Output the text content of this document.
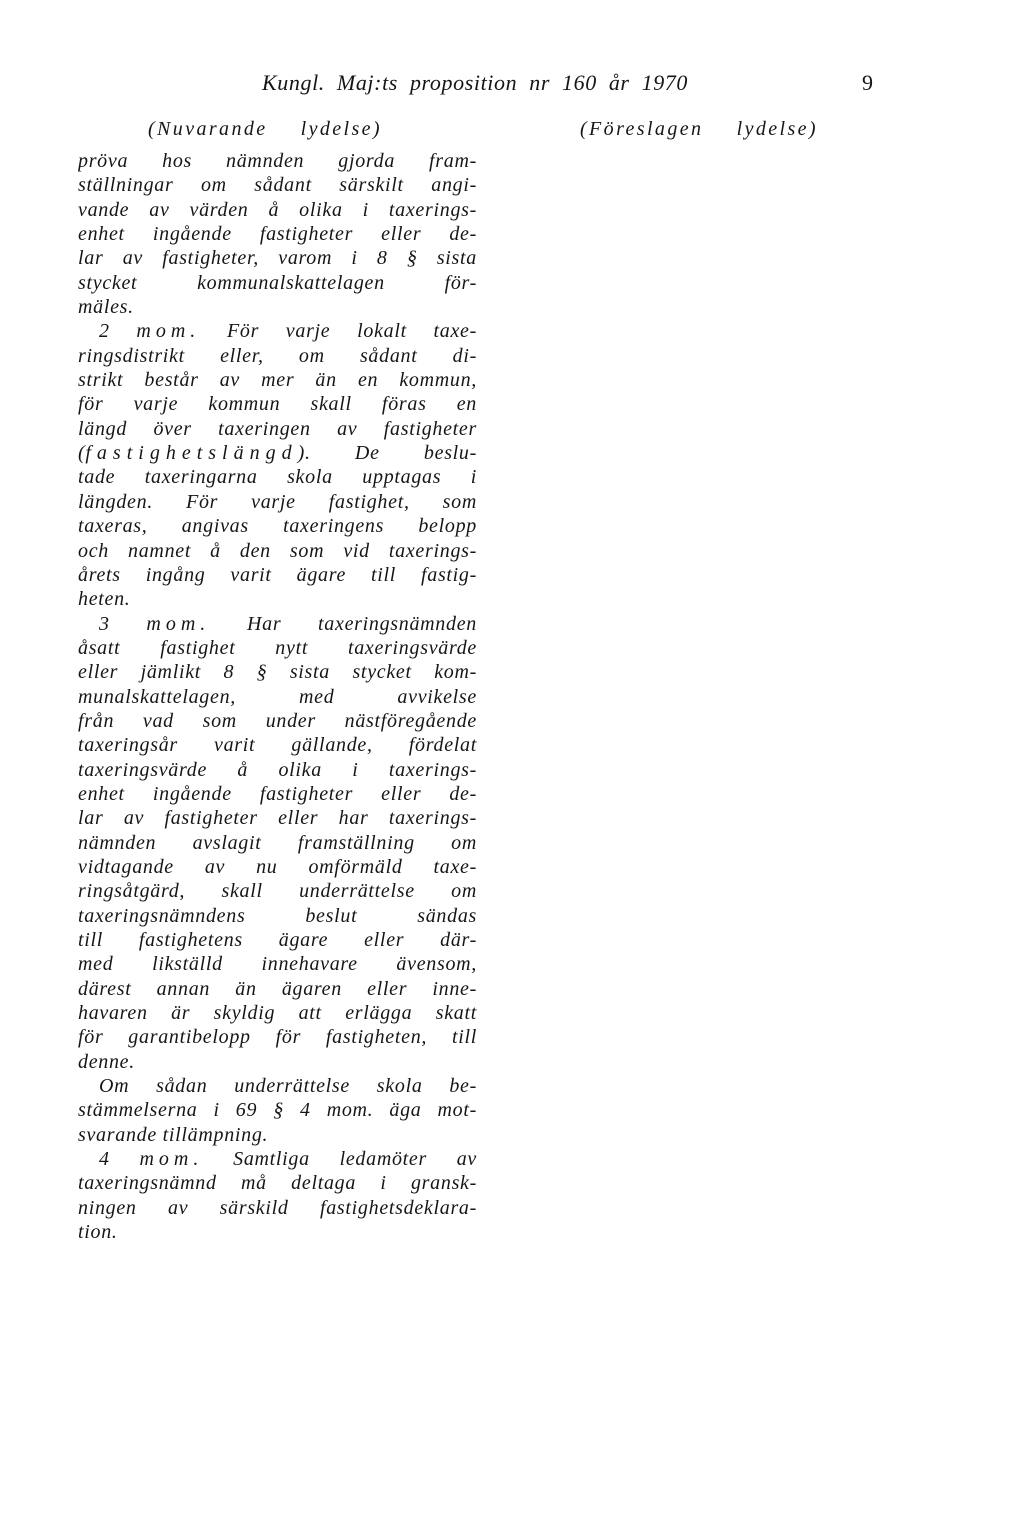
Kungl. Maj:ts proposition nr 160 år 1970	9
(Nuvarande lydelse)	(Föreslagen lydelse)
pröva hos nämnden gjorda fram-
ställningar om sådant särskilt angi-
vande av värden å olika i taxerings-
enhet ingående fastigheter eller de-
lar av fastigheter, varom i 8 § sista
stycket kommunalskattelagen för-
mäles.
2 mom. För varje lokalt taxe-
ringsdistrikt eller, om sådant di-
strikt består av mer än en kommun,
för varje kommun skall föras en
längd över taxeringen av fastigheter
(fastighetslängd). De beslu-
tade taxeringarna skola upptagas i
längden. För varje fastighet, som
taxeras, angivas taxeringens belopp
och namnet å den som vid taxerings-
årets ingång varit ägare till fastig-
heten.
3 mom. Har taxeringsnämnden
åsatt fastighet nytt taxeringsvärde
eller jämlikt 8 § sista stycket kom-
munalskattelagen, med avvikelse
från vad som under nästföregående
taxeringsår varit gällande, fördelat
taxeringsvärde å olika i taxerings-
enhet ingående fastigheter eller de-
lar av fastigheter eller har taxerings-
nämnden avslagit framställning om
vidtagande av nu omförmäld taxe-
ringsåtgärd, skall underrättelse om
taxeringsnämndens beslut sändas
till fastighetens ägare eller där-
med likställd innehavare ävensom,
därest annan än ägaren eller inne-
havaren är skyldig att erlägga skatt
för garantibelopp för fastigheten, till
denne.
Om sådan underrättelse skola be-
stämmelserna i 69 § 4 mom. äga mot-
svarande tillämpning.
4 mom. Samtliga ledamöter av
taxeringsnämnd må deltaga i gransk-
ningen av särskild fastighetsdeklara-
tion.
